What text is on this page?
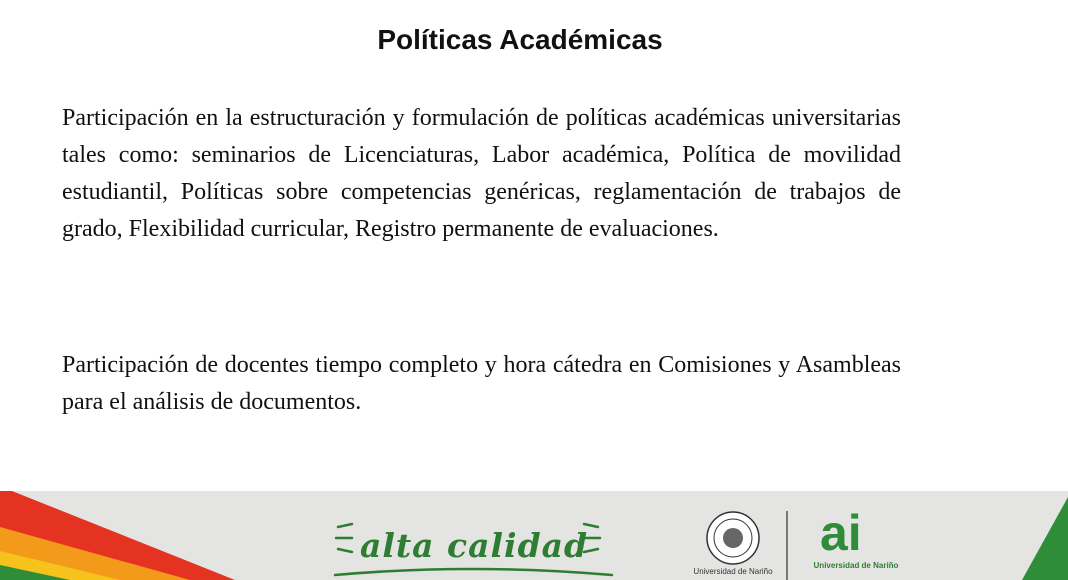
Políticas Académicas

Participación en la estructuración y formulación de políticas académicas universitarias tales como: seminarios de Licenciaturas, Labor académica, Política de movilidad estudiantil, Políticas sobre competencias genéricas, reglamentación de trabajos de grado, Flexibilidad curricular, Registro permanente de evaluaciones.

Participación de docentes tiempo completo y hora cátedra en Comisiones y Asambleas para el análisis de documentos.

alta calidad
Universidad de Nariño
ai
Universidad de Nariño
